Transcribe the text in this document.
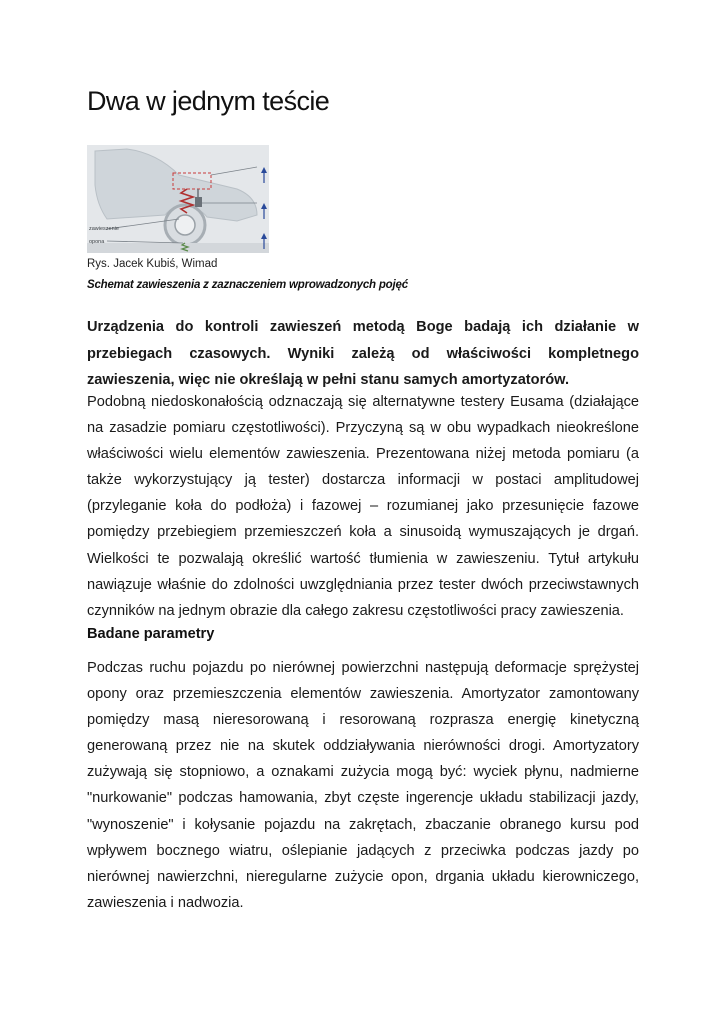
Dwa w jednym teście
zawieszenie
opona
Rys. Jacek Kubiś, Wimad
Schemat zawieszenia z zaznaczeniem wprowadzonych pojęć

Urządzenia do kontroli zawieszeń metodą Boge badają ich działanie w przebiegach czasowych. Wyniki zależą od właściwości kompletnego zawieszenia, więc nie określają w pełni stanu samych amortyzatorów.

Podobną niedoskonałością odznaczają się alternatywne testery Eusama (działające na zasadzie pomiaru częstotliwości). Przyczyną są w obu wypadkach nieokreślone właściwości wielu elementów zawieszenia. Prezentowana niżej metoda pomiaru (a także wykorzystujący ją tester) dostarcza informacji w postaci amplitudowej (przyleganie koła do podłoża) i fazowej – rozumianej jako przesunięcie fazowe pomiędzy przebiegiem przemieszczeń koła a sinusoidą wymuszających je drgań. Wielkości te pozwalają określić wartość tłumienia w zawieszeniu. Tytuł artykułu nawiązuje właśnie do zdolności uwzględniania przez tester dwóch przeciwstawnych czynników na jednym obrazie dla całego zakresu częstotliwości pracy zawieszenia.

Badane parametry

Podczas ruchu pojazdu po nierównej powierzchni następują deformacje sprężystej opony oraz przemieszczenia elementów zawieszenia. Amortyzator zamontowany pomiędzy masą nieresorowaną i resorowaną rozprasza energię kinetyczną generowaną przez nie na skutek oddziaływania nierówności drogi. Amortyzatory zużywają się stopniowo, a oznakami zużycia mogą być: wyciek płynu, nadmierne "nurkowanie" podczas hamowania, zbyt częste ingerencje układu stabilizacji jazdy, "wynoszenie" i kołysanie pojazdu na zakrętach, zbaczanie obranego kursu pod wpływem bocznego wiatru, oślepianie jadących z przeciwka podczas jazdy po nierównej nawierzchni, nieregularne zużycie opon, drgania układu kierowniczego, zawieszenia i nadwozia.
